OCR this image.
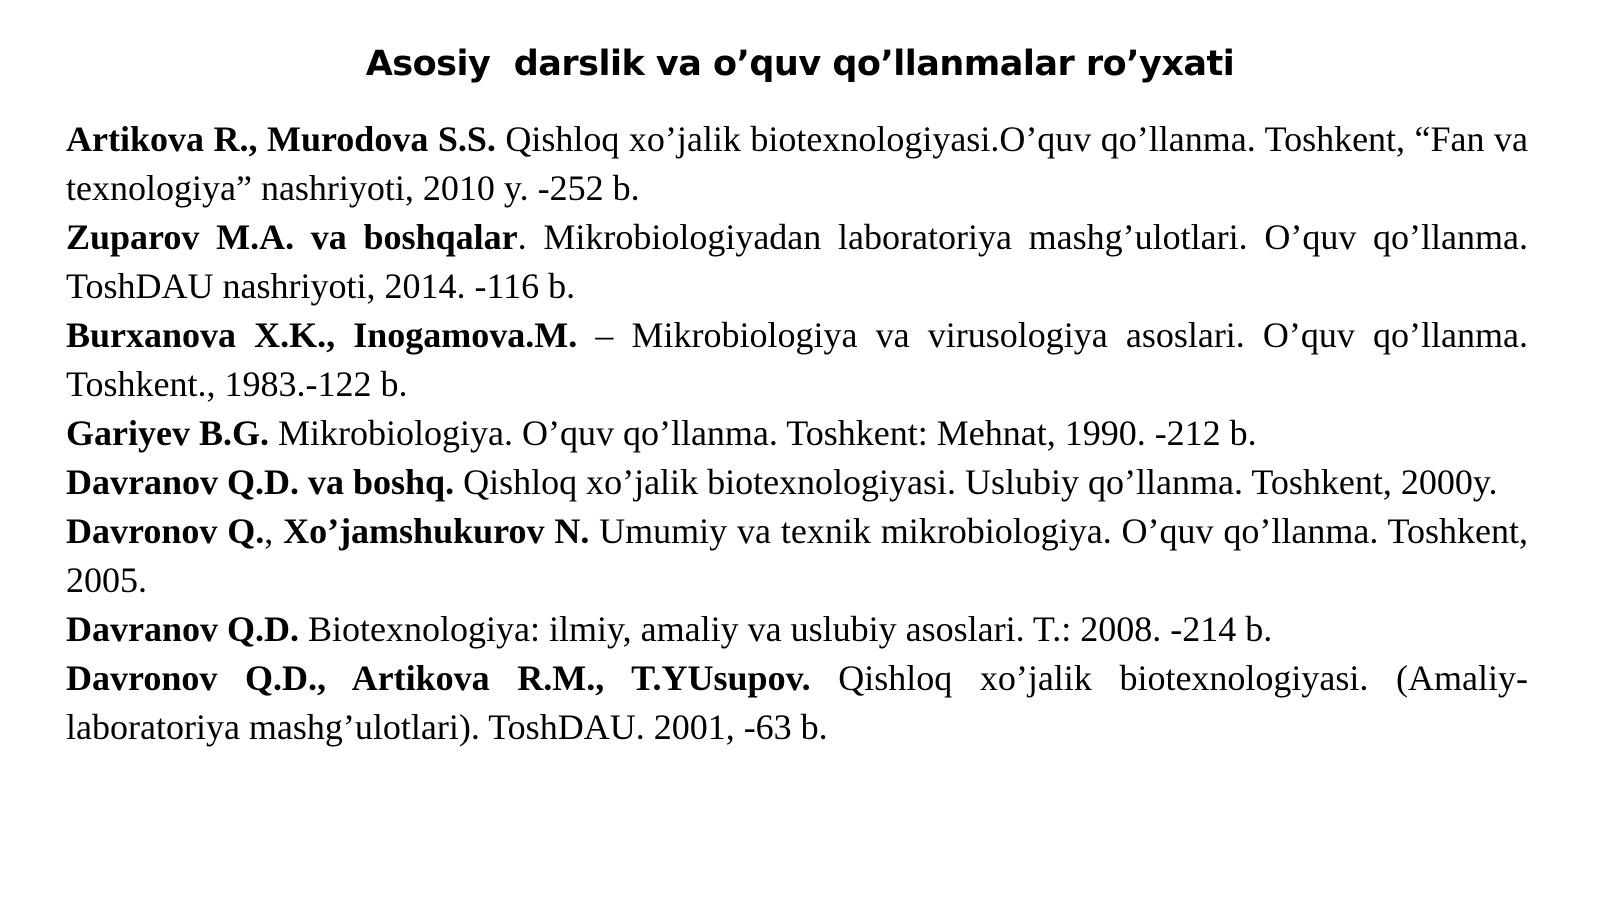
Asosiy  darslik va o’quv qo’llanmalar ro’yxati

Artikova R., Murodova S.S. Qishloq xo’jalik biotexnologiyasi.O’quv qo’llanma. Toshkent, “Fan va texnologiya” nashriyoti, 2010 y. -252 b.

Zuparov M.A. va boshqalar. Mikrobiologiyadan laboratoriya mashg’ulotlari. O’quv qo’llanma. ToshDAU nashriyoti, 2014. -116 b.

Burxanova X.K., Inogamova.M. – Mikrobiologiya va virusologiya asoslari. O’quv qo’llanma. Toshkent., 1983.-122 b.

Gariyev B.G. Mikrobiologiya. O’quv qo’llanma. Toshkent: Mehnat, 1990. -212 b.

Davranov Q.D. va boshq. Qishloq xo’jalik biotexnologiyasi. Uslubiy qo’llanma. Toshkent, 2000y.

Davronov Q., Xo’jamshukurov N. Umumiy va texnik mikrobiologiya. O’quv qo’llanma. Toshkent, 2005.

Davranov Q.D. Biotexnologiya: ilmiy, amaliy va uslubiy asoslari. T.: 2008. -214 b.

Davronov Q.D., Artikova R.M., T.YUsupov. Qishloq xo’jalik biotexnologiyasi. (Amaliy-laboratoriya mashg’ulotlari). ToshDAU. 2001, -63 b.
